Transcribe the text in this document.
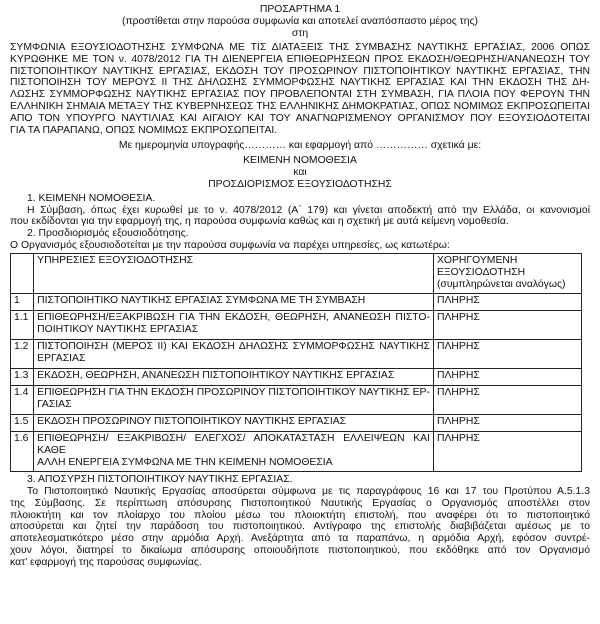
ΠΡΟΣΑΡΤΗΜΑ 1

(προστίθεται στην παρούσα συμφωνία και αποτελεί αναπόσπαστο μέρος της)

στη

ΣΥΜΦΩΝΙΑ ΕΞΟΥΣΙΟΔΟΤΗΣΗΣ ΣΥΜΦΩΝΑ ΜΕ ΤΙΣ ΔΙΑΤΑΞΕΙΣ ΤΗΣ ΣΥΜΒΑΣΗΣ ΝΑΥΤΙΚΗΣ ΕΡΓΑΣΙΑΣ, 2006 ΟΠΩΣ

ΚΥΡΩΘΗΚΕ ΜΕ ΤΟΝ ν. 4078/2012 ΓΙΑ ΤΗ ΔΙΕΝΕΡΓΕΙΑ ΕΠΙΘΕΩΡΗΣΕΩΝ ΠΡΟΣ ΕΚΔΟΣΗ/ΘΕΩΡΗΣΗ/ΑΝΑΝΕΩΣΗ ΤΟΥ

ΠΙΣΤΟΠΟΙΗΤΙΚΟΥ ΝΑΥΤΙΚΗΣ ΕΡΓΑΣΙΑΣ, ΕΚΔΟΣΗ ΤΟΥ ΠΡΟΣΩΡΙΝΟΥ ΠΙΣΤΟΠΟΙΗΤΙΚΟΥ ΝΑΥΤΙΚΗΣ ΕΡΓΑΣΙΑΣ, ΤΗΝ

ΠΙΣΤΟΠΟΙΗΣΗ ΤΟΥ ΜΕΡΟΥΣ ΙΙ ΤΗΣ ΔΗΛΩΣΗΣ ΣΥΜΜΟΡΦΩΣΗΣ ΝΑΥΤΙΚΗΣ ΕΡΓΑΣΙΑΣ ΚΑΙ ΤΗΝ ΕΚΔΟΣΗ ΤΗΣ ΔΗ-

ΛΩΣΗΣ ΣΥΜΜΟΡΦΩΣΗΣ ΝΑΥΤΙΚΗΣ ΕΡΓΑΣΙΑΣ ΠΟΥ ΠΡΟΒΛΕΠΟΝΤΑΙ ΣΤΗ ΣΥΜΒΑΣΗ, ΓΙΑ ΠΛΟΙΑ ΠΟΥ ΦΕΡΟΥΝ ΤΗΝ

ΕΛΛΗΝΙΚΗ ΣΗΜΑΙΑ ΜΕΤΑΞΥ ΤΗΣ ΚΥΒΕΡΝΗΣΕΩΣ ΤΗΣ ΕΛΛΗΝΙΚΗΣ ΔΗΜΟΚΡΑΤΙΑΣ, ΟΠΩΣ ΝΟΜΙΜΩΣ ΕΚΠΡΟΣΩΠΕΙΤΑΙ

ΑΠΟ ΤΟΝ ΥΠΟΥΡΓΟ ΝΑΥΤΙΛΙΑΣ ΚΑΙ ΑΙΓΑΙΟΥ ΚΑΙ ΤΟΥ ΑΝΑΓΝΩΡΙΣΜΕΝΟΥ ΟΡΓΑΝΙΣΜΟΥ ΠΟΥ ΕΞΟΥΣΙΟΔΟΤΕΙΤΑΙ

ΓΙΑ ΤΑ ΠΑΡΑΠΑΝΩ, ΟΠΩΣ ΝΟΜΙΜΩΣ ΕΚΠΡΟΣΩΠΕΙΤΑΙ.

Με ημερομηνία υπογραφής………… και εφαρμογή από …………… σχετικά με:

ΚΕΙΜΕΝΗ ΝΟΜΟΘΕΣΙΑ

και

ΠΡΟΣΔΙΟΡΙΣΜΟΣ ΕΞΟΥΣΙΟΔΟΤΗΣΗΣ

1. ΚΕΙΜΕΝΗ ΝΟΜΟΘΕΣΙΑ.

Η Σύμβαση, όπως έχει κυρωθεί με το ν. 4078/2012 (Α΄ 179) και γίνεται αποδεκτή από την Ελλάδα, οι κανονισμοί

που εκδίδονται για την εφαρμογή της, η παρούσα συμφωνία καθώς και η σχετική με αυτά κείμενη νομοθεσία.

2. Προσδιορισμός εξουσιοδότησης.

Ο Οργανισμός εξουσιοδοτείται με την παρούσα συμφωνία να παρέχει υπηρεσίες, ως κατωτέρω:

	ΥΠΗΡΕΣΙΕΣ ΕΞΟΥΣΙΟΔΟΤΗΣΗΣ	ΧΟΡΗΓΟΥΜΕΝΗ
ΕΞΟΥΣΙΟΔΟΤΗΣΗ
(συμπληρώνεται αναλόγως)

1	ΠΙΣΤΟΠΟΙΗΤΙΚΟ ΝΑΥΤΙΚΗΣ ΕΡΓΑΣΙΑΣ ΣΥΜΦΩΝΑ ΜΕ ΤΗ ΣΥΜΒΑΣΗ	ΠΛΗΡΗΣ
1.1	ΕΠΙΘΕΩΡΗΣΗ/ΕΞΑΚΡΙΒΩΣΗ ΓΙΑ ΤΗΝ ΕΚΔΟΣΗ, ΘΕΩΡΗΣΗ, ΑΝΑΝΕΩΣΗ ΠΙΣΤΟ-
ΠΟΙΗΤΙΚΟΥ ΝΑΥΤΙΚΗΣ ΕΡΓΑΣΙΑΣ	ΠΛΗΡΗΣ
1.2	ΠΙΣΤΟΠΟΙΗΣΗ (ΜΕΡΟΣ ΙΙ) ΚΑΙ ΕΚΔΟΣΗ ΔΗΛΩΣΗΣ ΣΥΜΜΟΡΦΩΣΗΣ ΝΑΥΤΙΚΗΣ
ΕΡΓΑΣΙΑΣ	ΠΛΗΡΗΣ
1.3	ΕΚΔΟΣΗ, ΘΕΩΡΗΣΗ, ΑΝΑΝΕΩΣΗ ΠΙΣΤΟΠΟΙΗΤΙΚΟΥ ΝΑΥΤΙΚΗΣ ΕΡΓΑΣΙΑΣ	ΠΛΗΡΗΣ
1.4	ΕΠΙΘΕΩΡΗΣΗ ΓΙΑ ΤΗΝ ΕΚΔΟΣΗ ΠΡΟΣΩΡΙΝΟΥ ΠΙΣΤΟΠΟΙΗΤΙΚΟΥ ΝΑΥΤΙΚΗΣ ΕΡ-
ΓΑΣΙΑΣ	ΠΛΗΡΗΣ
1.5	ΕΚΔΟΣΗ ΠΡΟΣΩΡΙΝΟΥ ΠΙΣΤΟΠΟΙΗΤΙΚΟΥ ΝΑΥΤΙΚΗΣ ΕΡΓΑΣΙΑΣ	ΠΛΗΡΗΣ
1.6	ΕΠΙΘΕΩΡΗΣΗ/ ΕΞΑΚΡΙΒΩΣΗ/ ΕΛΕΓΧΟΣ/ ΑΠΟΚΑΤΑΣΤΑΣΗ ΕΛΛΕΙΨΕΩΝ ΚΑΙ ΚΑΘΕ
ΑΛΛΗ ΕΝΕΡΓΕΙΑ ΣΥΜΦΩΝΑ ΜΕ ΤΗΝ ΚΕΙΜΕΝΗ ΝΟΜΟΘΕΣΙΑ	ΠΛΗΡΗΣ

3. ΑΠΟΣΥΡΣΗ ΠΙΣΤΟΠΟΙΗΤΙΚΟΥ ΝΑΥΤΙΚΗΣ ΕΡΓΑΣΙΑΣ.

Το Πιστοποιητικό Ναυτικής Εργασίας αποσύρεται σύμφωνα με τις παραγράφους 16 και 17 του Προτύπου Α.5.1.3

της Σύμβασης. Σε περίπτωση απόσυρσης Πιστοποιητικού Ναυτικής Εργασίας ο Οργανισμός αποστέλλει στον

πλοιοκτήτη και τον πλοίαρχο του πλοίου μέσω του πλοιοκτήτη επιστολή, που αναφέρει ότι το πιστοποιητικό

αποσύρεται και ζητεί την παράδοση του πιστοποιητικού. Αντίγραφο της επιστολής διαβιβάζεται αμέσως με το

αποτελεσματικότερο μέσο στην αρμόδια Αρχή. Ανεξάρτητα από τα παραπάνω, η αρμόδια Αρχή, εφόσον συντρέ-

χουν λόγοι, διατηρεί το δικαίωμα απόσυρσης οποιουδήποτε πιστοποιητικού, που εκδόθηκε από τον Οργανισμό

κατ’ εφαρμογή της παρούσας συμφωνίας.
